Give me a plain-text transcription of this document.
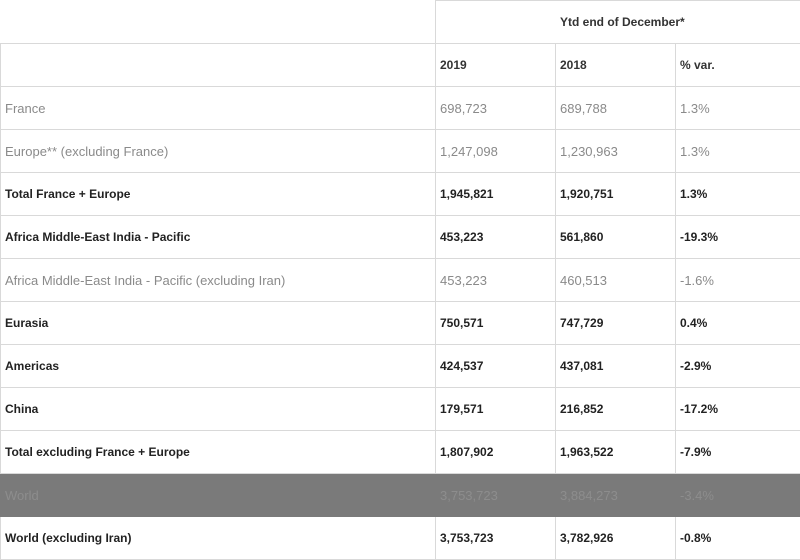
	Ytd end of December*		
	2019	2018	% var.
France	698,723	689,788	1.3%
Europe** (excluding France)	1,247,098	1,230,963	1.3%
Total France + Europe	1,945,821	1,920,751	1.3%
Africa Middle-East India - Pacific	453,223	561,860	-19.3%
Africa Middle-East India - Pacific (excluding Iran)	453,223	460,513	-1.6%
Eurasia	750,571	747,729	0.4%
Americas	424,537	437,081	-2.9%
China	179,571	216,852	-17.2%
Total excluding France + Europe	1,807,902	1,963,522	-7.9%
World	3,753,723	3,884,273	-3.4%
World (excluding Iran)	3,753,723	3,782,926	-0.8%
